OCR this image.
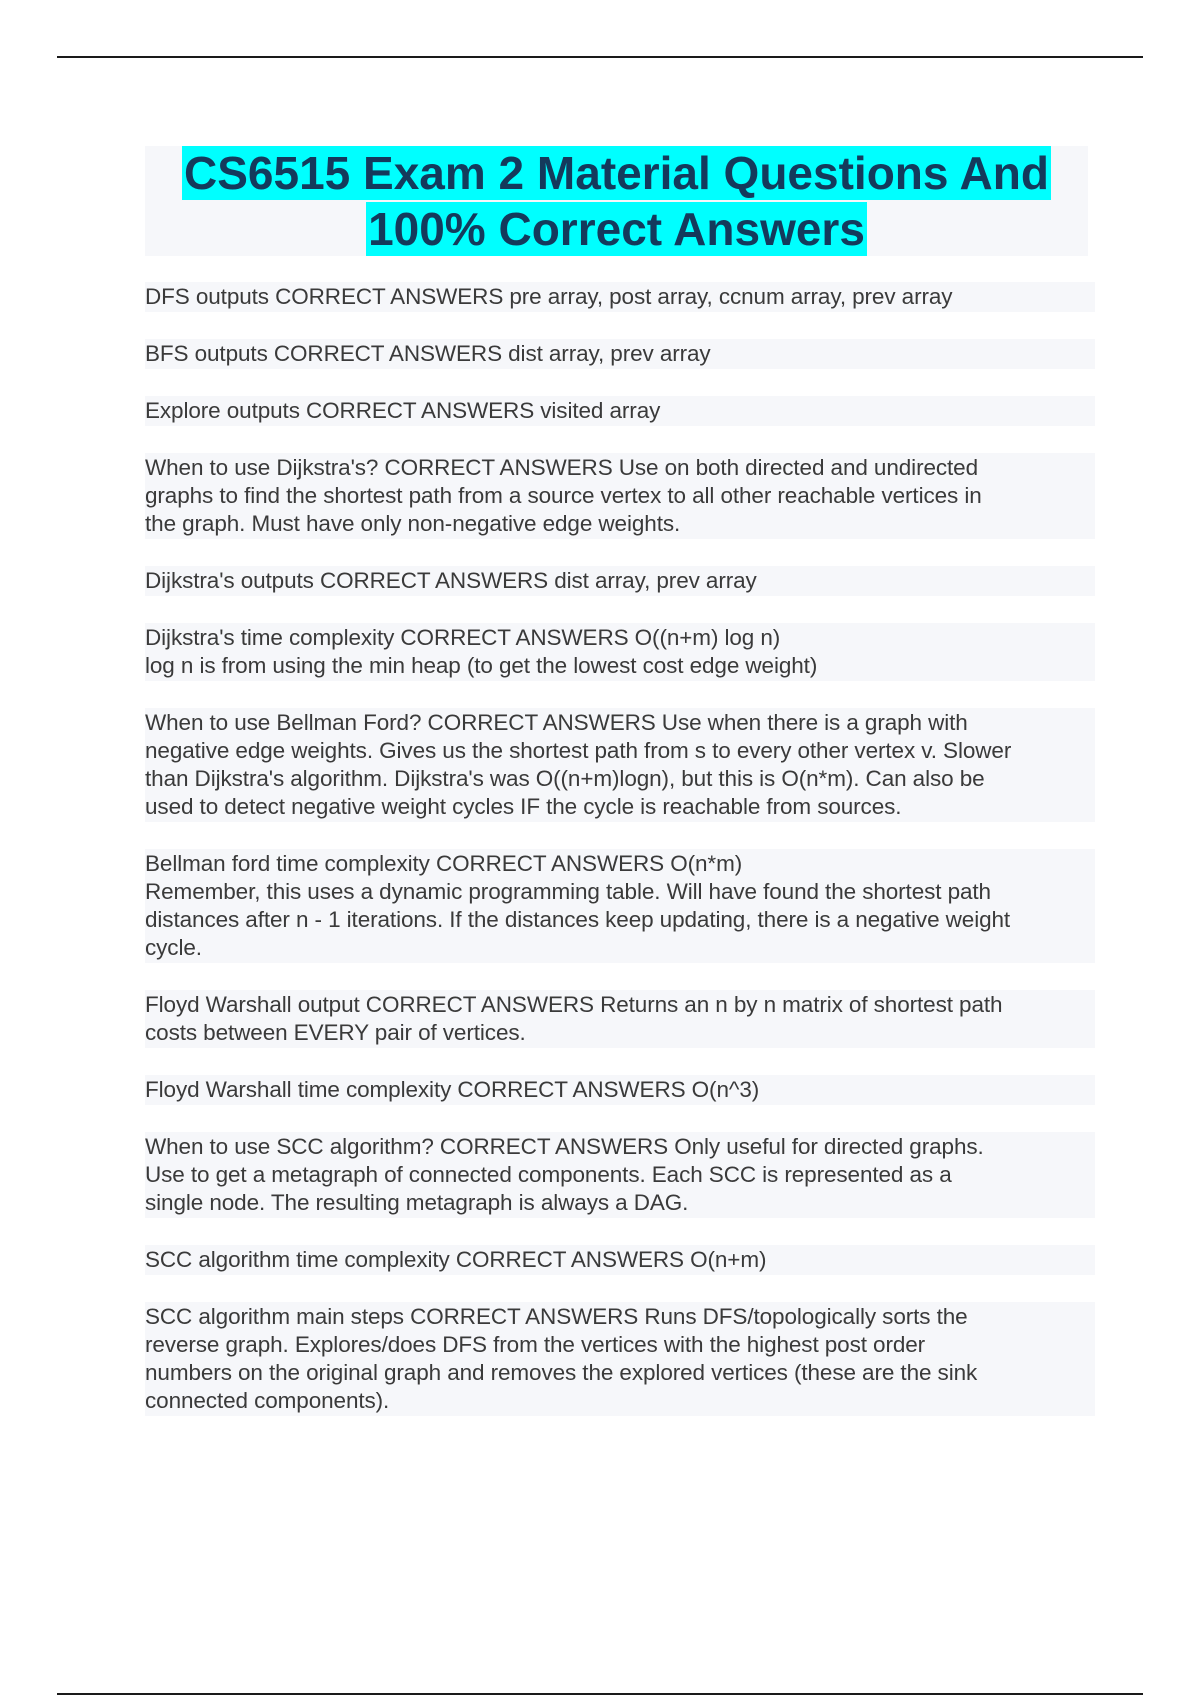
CS6515 Exam 2 Material Questions And
100% Correct Answers
DFS outputs CORRECT ANSWERS pre array, post array, ccnum array, prev array
BFS outputs CORRECT ANSWERS dist array, prev array
Explore outputs CORRECT ANSWERS visited array
When to use Dijkstra's? CORRECT ANSWERS Use on both directed and undirected
graphs to find the shortest path from a source vertex to all other reachable vertices in
the graph. Must have only non-negative edge weights.
Dijkstra's outputs CORRECT ANSWERS dist array, prev array
Dijkstra's time complexity CORRECT ANSWERS O((n+m) log n)
log n is from using the min heap (to get the lowest cost edge weight)
When to use Bellman Ford? CORRECT ANSWERS Use when there is a graph with
negative edge weights. Gives us the shortest path from s to every other vertex v. Slower
than Dijkstra's algorithm. Dijkstra's was O((n+m)logn), but this is O(n*m). Can also be
used to detect negative weight cycles IF the cycle is reachable from sources.
Bellman ford time complexity CORRECT ANSWERS O(n*m)
Remember, this uses a dynamic programming table. Will have found the shortest path
distances after n - 1 iterations. If the distances keep updating, there is a negative weight
cycle.
Floyd Warshall output CORRECT ANSWERS Returns an n by n matrix of shortest path
costs between EVERY pair of vertices.
Floyd Warshall time complexity CORRECT ANSWERS O(n^3)
When to use SCC algorithm? CORRECT ANSWERS Only useful for directed graphs.
Use to get a metagraph of connected components. Each SCC is represented as a
single node. The resulting metagraph is always a DAG.
SCC algorithm time complexity CORRECT ANSWERS O(n+m)
SCC algorithm main steps CORRECT ANSWERS Runs DFS/topologically sorts the
reverse graph. Explores/does DFS from the vertices with the highest post order
numbers on the original graph and removes the explored vertices (these are the sink
connected components).
